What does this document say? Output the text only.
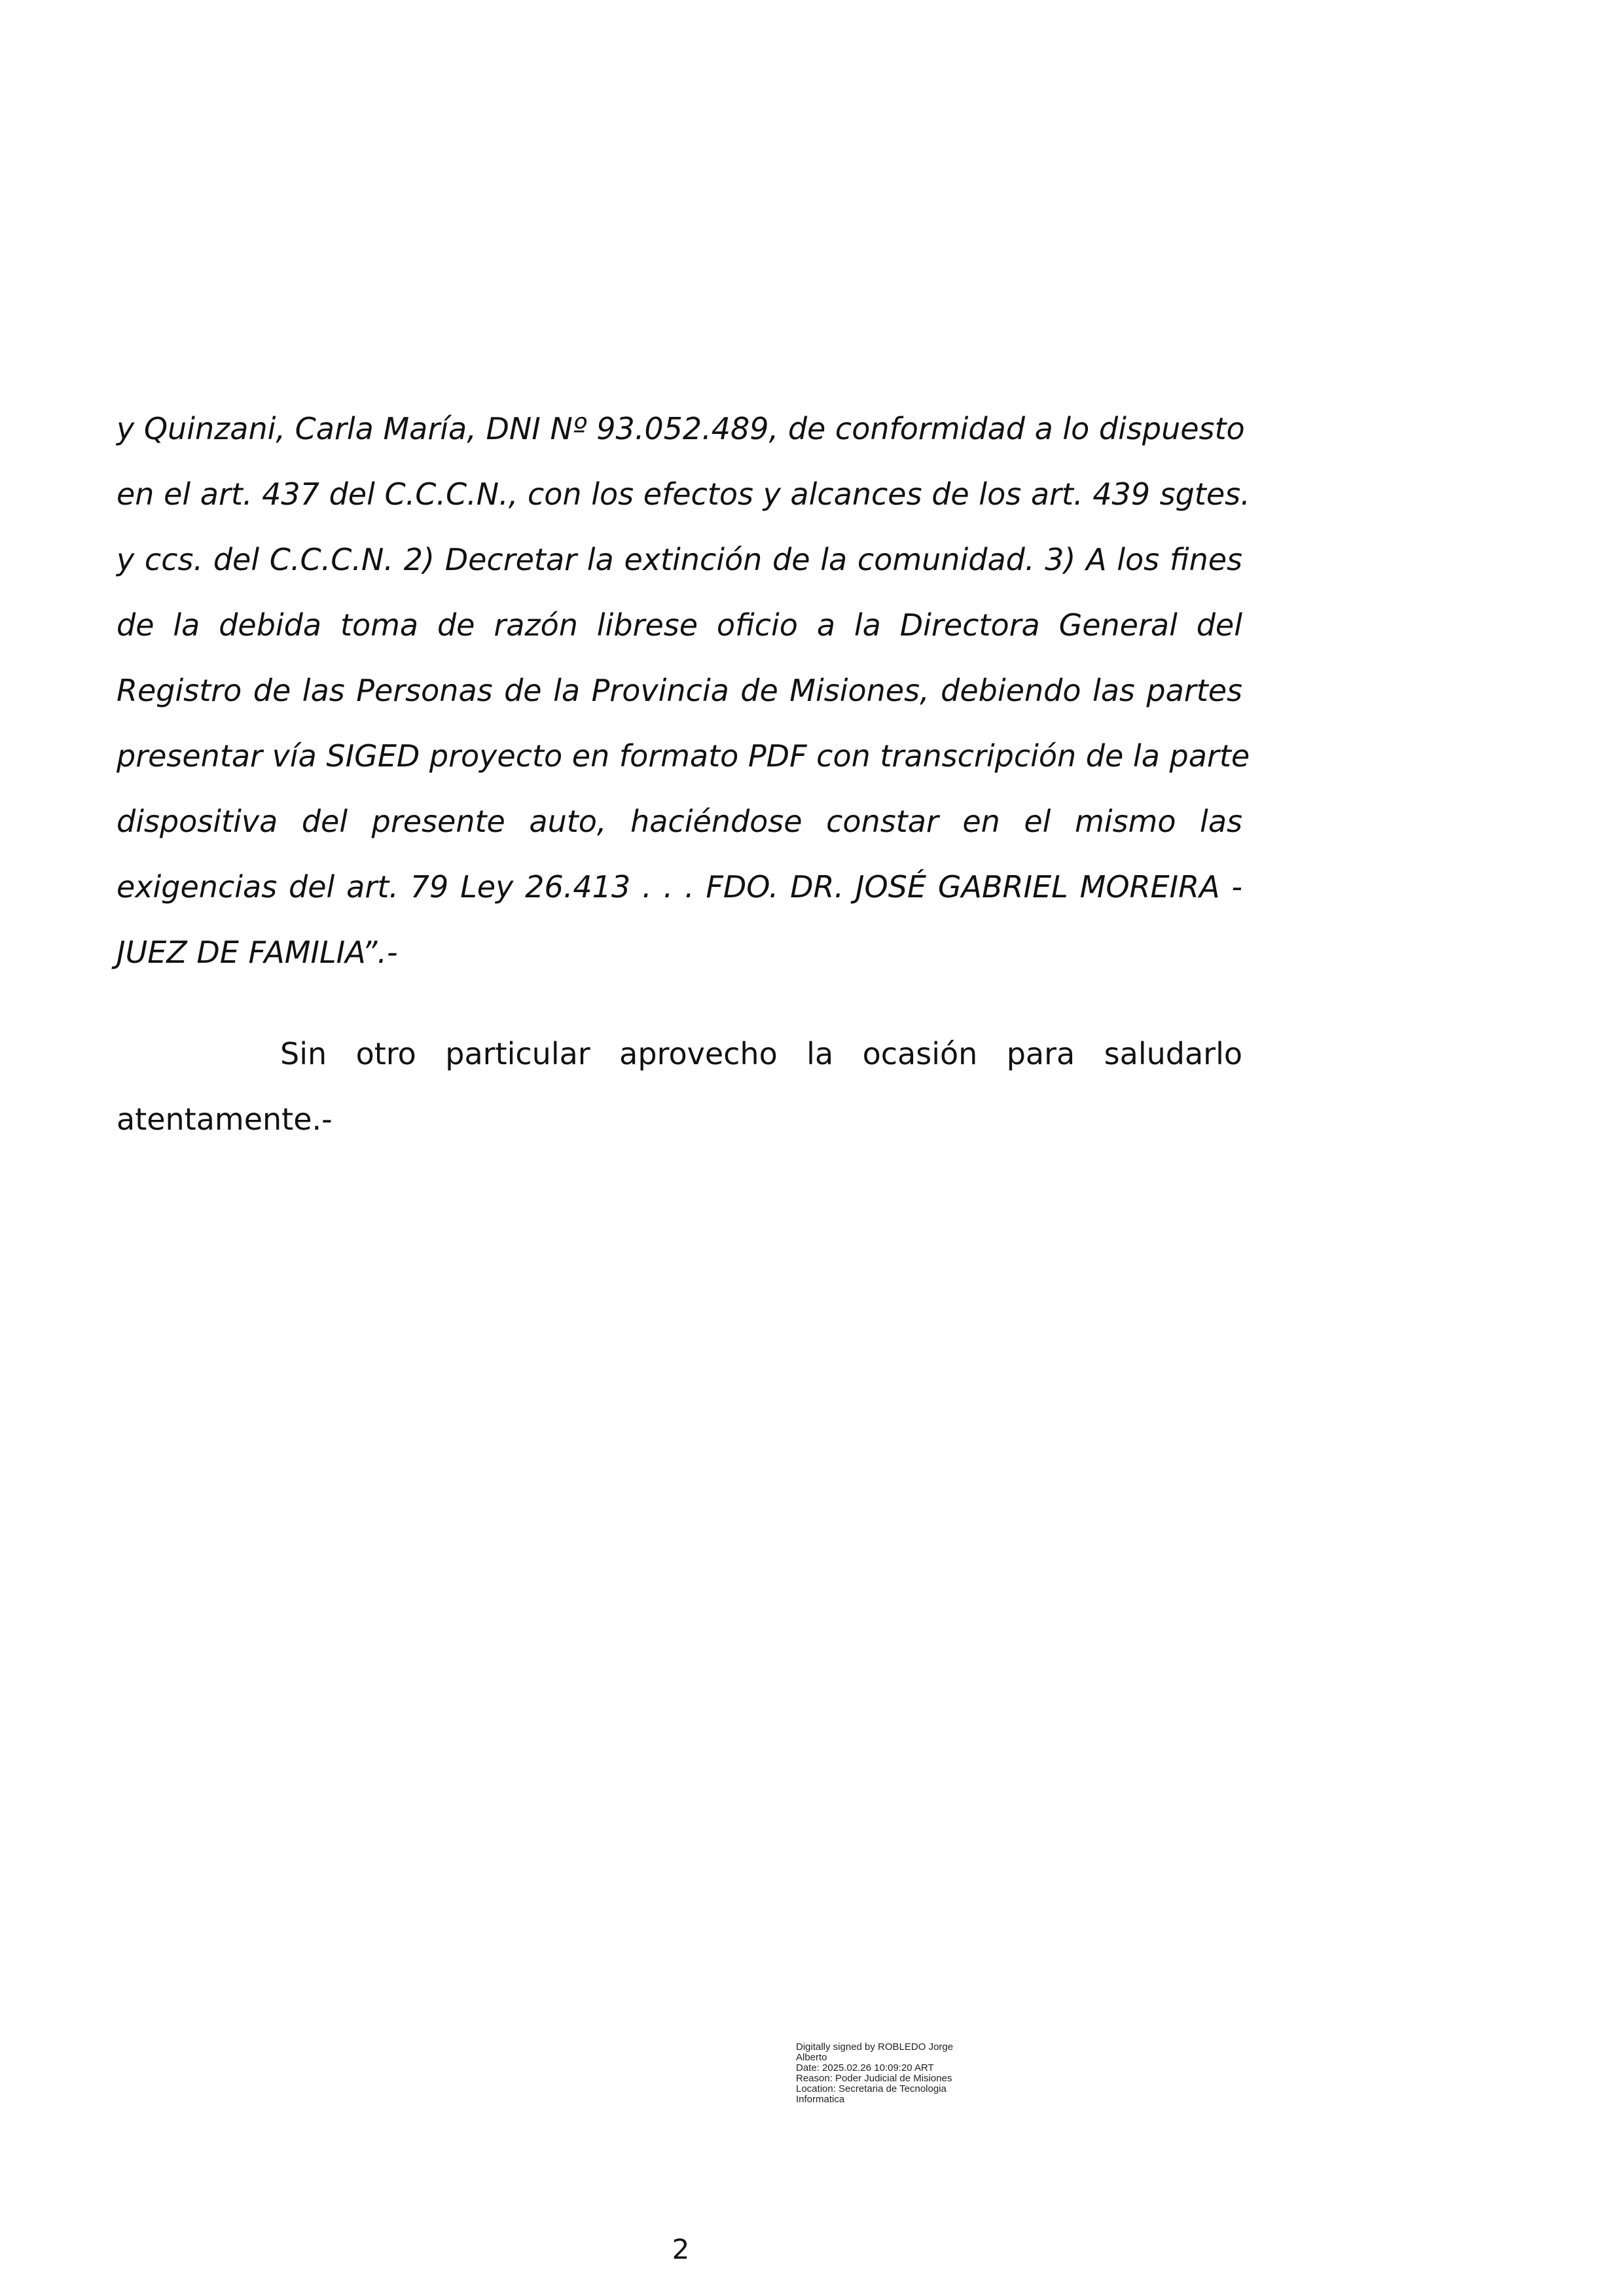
y Quinzani, Carla María, DNI Nº 93.052.489, de conformidad a lo dispuesto
en el art. 437 del C.C.C.N., con los efectos y alcances de los art. 439 sgtes.
y ccs. del C.C.C.N. 2) Decretar la extinción de la comunidad. 3) A los fines
de la debida toma de razón librese oficio a la Directora General del
Registro de las Personas de la Provincia de Misiones, debiendo las partes
presentar vía SIGED proyecto en formato PDF con transcripción de la parte
dispositiva del presente auto, haciéndose constar en el mismo las
exigencias del art. 79 Ley 26.413 . . . FDO. DR. JOSÉ GABRIEL MOREIRA -
JUEZ DE FAMILIA”.-
Sin otro particular aprovecho la ocasión para saludarlo
atentamente.-
Digitally signed by ROBLEDO Jorge
Alberto
Date: 2025.02.26 10:09:20 ART
Reason: Poder Judicial de Misiones
Location: Secretaria de Tecnologia
Informatica
2
